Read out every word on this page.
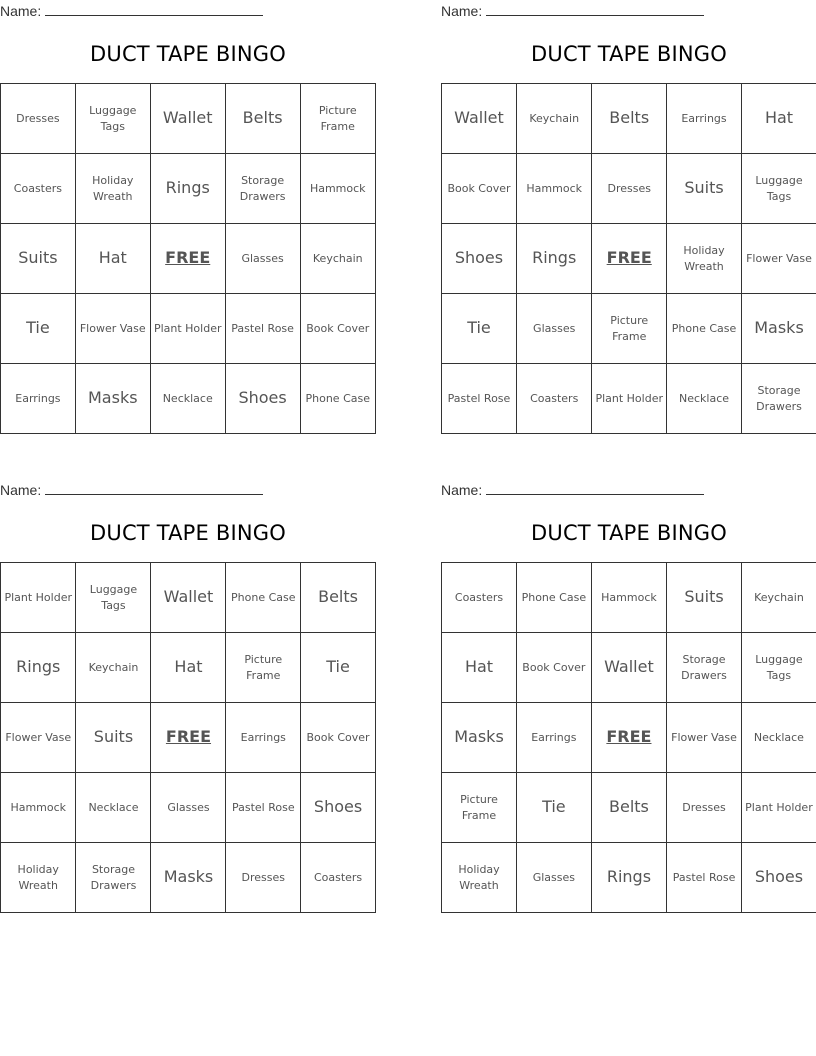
Name:
DUCT TAPE BINGO
Dresses	Luggage Tags	Wallet	Belts	Picture Frame
Coasters	Holiday Wreath	Rings	Storage Drawers	Hammock
Suits	Hat	FREE	Glasses	Keychain
Tie	Flower Vase	Plant Holder	Pastel Rose	Book Cover
Earrings	Masks	Necklace	Shoes	Phone Case
Name:
DUCT TAPE BINGO
Wallet	Keychain	Belts	Earrings	Hat
Book Cover	Hammock	Dresses	Suits	Luggage Tags
Shoes	Rings	FREE	Holiday Wreath	Flower Vase
Tie	Glasses	Picture Frame	Phone Case	Masks
Pastel Rose	Coasters	Plant Holder	Necklace	Storage Drawers
Name:
DUCT TAPE BINGO
Plant Holder	Luggage Tags	Wallet	Phone Case	Belts
Rings	Keychain	Hat	Picture Frame	Tie
Flower Vase	Suits	FREE	Earrings	Book Cover
Hammock	Necklace	Glasses	Pastel Rose	Shoes
Holiday Wreath	Storage Drawers	Masks	Dresses	Coasters
Name:
DUCT TAPE BINGO
Coasters	Phone Case	Hammock	Suits	Keychain
Hat	Book Cover	Wallet	Storage Drawers	Luggage Tags
Masks	Earrings	FREE	Flower Vase	Necklace
Picture Frame	Tie	Belts	Dresses	Plant Holder
Holiday Wreath	Glasses	Rings	Pastel Rose	Shoes
